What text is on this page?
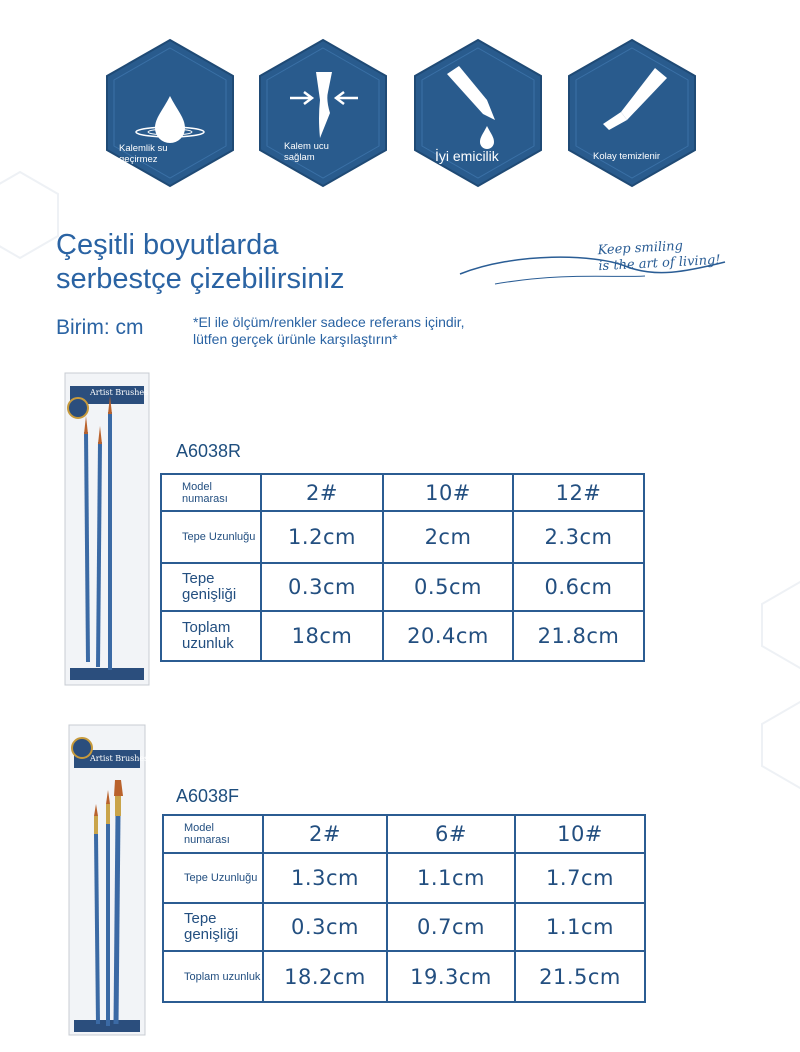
Kalemlik su
geçirmez
Kalem ucu
sağlam	İyi emicilik	Kolay temizlenir
Çeşitli boyutlarda
serbestçe çizebilirsiniz
Birim: cm	*El ile ölçüm/renkler sadece referans içindir,
lütfen gerçek ürünle karşılaştırın*
Keep smiling
is the art of living!
Artist Brushes
A6038R
Model numarası	2#	10#	12#
Tepe Uzunluğu	1.2cm	2cm	2.3cm
Tepe genişliği	0.3cm	0.5cm	0.6cm
Toplam uzunluk	18cm	20.4cm	21.8cm
Artist Brushes
A6038F
Model numarası	2#	6#	10#
Tepe Uzunluğu	1.3cm	1.1cm	1.7cm
Tepe genişliği	0.3cm	0.7cm	1.1cm
Toplam uzunluk	18.2cm	19.3cm	21.5cm
